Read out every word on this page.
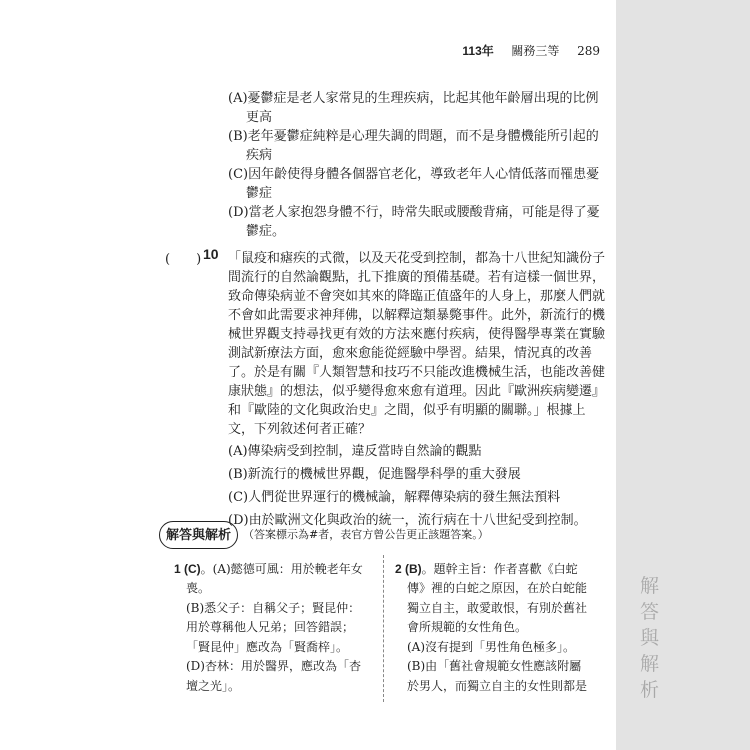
解答與解析
113年 關務三等 289
(A)憂鬱症是老人家常見的生理疾病，比起其他年齡層出現的比例
更高
(B)老年憂鬱症純粹是心理失調的問題，而不是身體機能所引起的
疾病
(C)因年齡使得身體各個器官老化，導致老年人心情低落而罹患憂
鬱症
(D)當老人家抱怨身體不行，時常失眠或腰酸背痛，可能是得了憂
鬱症。
(　　) 10 「鼠疫和瘧疾的式微，以及天花受到控制，都為十八世紀知識份子
間流行的自然論觀點，扎下推廣的預備基礎。若有這樣一個世界，
致命傳染病並不會突如其來的降臨正值盛年的人身上，那麼人們就
不會如此需要求神拜佛，以解釋這類暴斃事件。此外，新流行的機
械世界觀支持尋找更有效的方法來應付疾病，使得醫學專業在實驗
測試新療法方面，愈來愈能從經驗中學習。結果，情況真的改善
了。於是有關『人類智慧和技巧不只能改進機械生活，也能改善健
康狀態』的想法，似乎變得愈來愈有道理。因此『歐洲疾病變遷』
和『歐陸的文化與政治史』之間，似乎有明顯的關聯。」根據上
文，下列敘述何者正確？
(A)傳染病受到控制，違反當時自然論的觀點
(B)新流行的機械世界觀，促進醫學科學的重大發展
(C)人們從世界運行的機械論，解釋傳染病的發生無法預料
(D)由於歐洲文化與政治的統一，流行病在十八世紀受到控制。
解答與解析	（答案標示為#者，表官方曾公告更正該題答案。）
1 (C)。(A)懿德可風：用於輓老年女
喪。
(B)悉父子：自稱父子；賢昆仲：
用於尊稱他人兄弟；回答錯誤；
「賢昆仲」應改為「賢喬梓」。
(D)杏林：用於醫界，應改為「杏
壇之光」。
2 (B)。題幹主旨：作者喜歡《白蛇
傳》裡的白蛇之原因，在於白蛇能
獨立自主，敢愛敢恨，有別於舊社
會所規範的女性角色。
(A)沒有提到「男性角色極多」。
(B)由「舊社會規範女性應該附屬
於男人，而獨立自主的女性則都是
